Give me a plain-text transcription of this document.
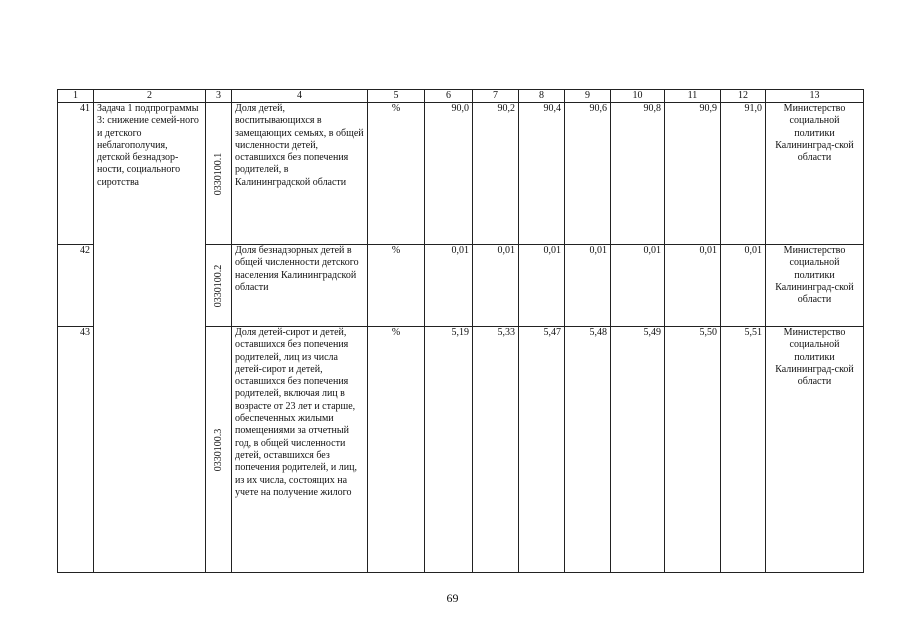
1	2	3	4	5	6	7	8	9	10	11	12	13
41	Задача 1 подпрограммы 3: снижение семей-ного и детского неблагополучия, детской безнадзор-ности, социального сиротства	0330100.1	Доля детей, воспитывающихся в замещающих семьях, в общей численности детей, оставшихся без попечения родителей, в Калининградской области	%	90,0	90,2	90,4	90,6	90,8	90,9	91,0	Министерство социальной политики Калининград-ской области
42		0330100.2	Доля безнадзорных детей в общей численности детского населения Калининградской области	%	0,01	0,01	0,01	0,01	0,01	0,01	0,01	Министерство социальной политики Калининград-ской области
43		0330100.3	Доля детей-сирот и детей, оставшихся без попечения родителей, лиц из числа детей-сирот и детей, оставшихся без попечения родителей, включая лиц в возрасте от 23 лет и старше, обеспеченных жилыми помещениями за отчетный год, в общей численности детей, оставшихся без попечения родителей, и лиц, из их числа, состоящих на учете на получение жилого	%	5,19	5,33	5,47	5,48	5,49	5,50	5,51	Министерство социальной политики Калининград-ской области
69
